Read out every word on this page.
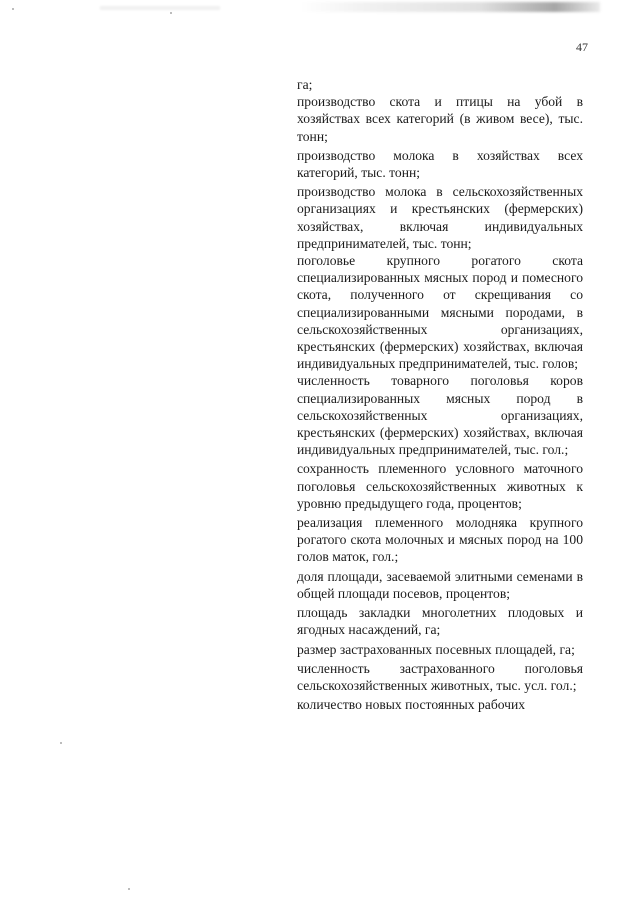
47

га;

производство скота и птицы на убой в хозяйствах всех категорий (в живом весе), тыс. тонн;

производство молока в хозяйствах всех категорий, тыс. тонн;

производство молока в сельскохозяйственных организациях и крестьянских (фермерских) хозяйствах, включая индивидуальных предпринимателей, тыс. тонн;

поголовье крупного рогатого скота специализированных мясных пород и помесного скота, полученного от скрещивания со специализированными мясными породами, в сельскохозяйственных организациях, крестьянских (фермерских) хозяйствах, включая индивидуальных предпринимателей, тыс. голов;

численность товарного поголовья коров специализированных мясных пород в сельскохозяйственных организациях, крестьянских (фермерских) хозяйствах, включая индивидуальных предпринимателей, тыс. гол.;

сохранность племенного условного маточного поголовья сельскохозяйственных животных к уровню предыдущего года, процентов;

реализация племенного молодняка крупного рогатого скота молочных и мясных пород на 100 голов маток, гол.;

доля площади, засеваемой элитными семенами в общей площади посевов, процентов;

площадь закладки многолетних плодовых и ягодных насаждений, га;

размер застрахованных посевных площадей, га;

численность застрахованного поголовья сельскохозяйственных животных, тыс. усл. гол.;

количество новых постоянных рабочих
